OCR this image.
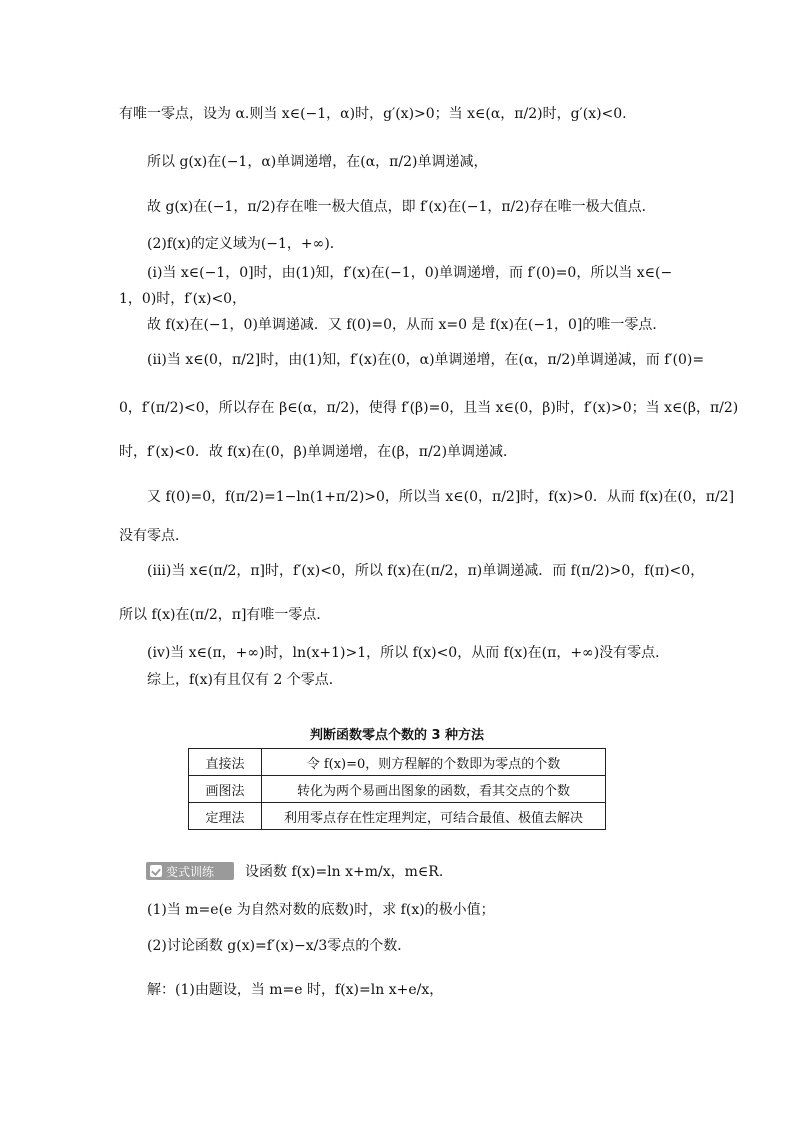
有唯一零点，设为 α.则当 x∈(−1，α)时，g′(x)>0；当 x∈(α，π/2)时，g′(x)<0.
所以 g(x)在(−1，α)单调递增，在(α，π/2)单调递减，
故 g(x)在(−1，π/2)存在唯一极大值点，即 f′(x)在(−1，π/2)存在唯一极大值点．
(2)f(x)的定义域为(−1，+∞)．
(ⅰ)当 x∈(−1，0]时，由(1)知，f′(x)在(−1，0)单调递增，而 f′(0)=0，所以当 x∈(−
1，0)时，f′(x)<0，
故 f(x)在(−1，0)单调递减．又 f(0)=0，从而 x=0 是 f(x)在(−1，0]的唯一零点．
(ⅱ)当 x∈(0，π/2]时，由(1)知，f′(x)在(0，α)单调递增，在(α，π/2)单调递减，而 f′(0)=
0，f′(π/2)<0，所以存在 β∈(α，π/2)，使得 f′(β)=0，且当 x∈(0，β)时，f′(x)>0；当 x∈(β，π/2)
时，f′(x)<0．故 f(x)在(0，β)单调递增，在(β，π/2)单调递减．
又 f(0)=0，f(π/2)=1−ln(1+π/2)>0，所以当 x∈(0，π/2]时，f(x)>0．从而 f(x)在(0，π/2]
没有零点．
(ⅲ)当 x∈(π/2，π]时，f′(x)<0，所以 f(x)在(π/2，π)单调递减．而 f(π/2)>0，f(π)<0，
所以 f(x)在(π/2，π]有唯一零点．
(ⅳ)当 x∈(π，+∞)时，ln(x+1)>1，所以 f(x)<0，从而 f(x)在(π，+∞)没有零点．
综上，f(x)有且仅有 2 个零点．
判断函数零点个数的 3 种方法
直接法	令 f(x)=0，则方程解的个数即为零点的个数
画图法	转化为两个易画出图象的函数，看其交点的个数
定理法	利用零点存在性定理判定，可结合最值、极值去解决
变式训练 设函数 f(x)=ln x+m/x，m∈R.
(1)当 m=e(e 为自然对数的底数)时，求 f(x)的极小值；
(2)讨论函数 g(x)=f′(x)−x/3零点的个数．
解：(1)由题设，当 m=e 时，f(x)=ln x+e/x，
